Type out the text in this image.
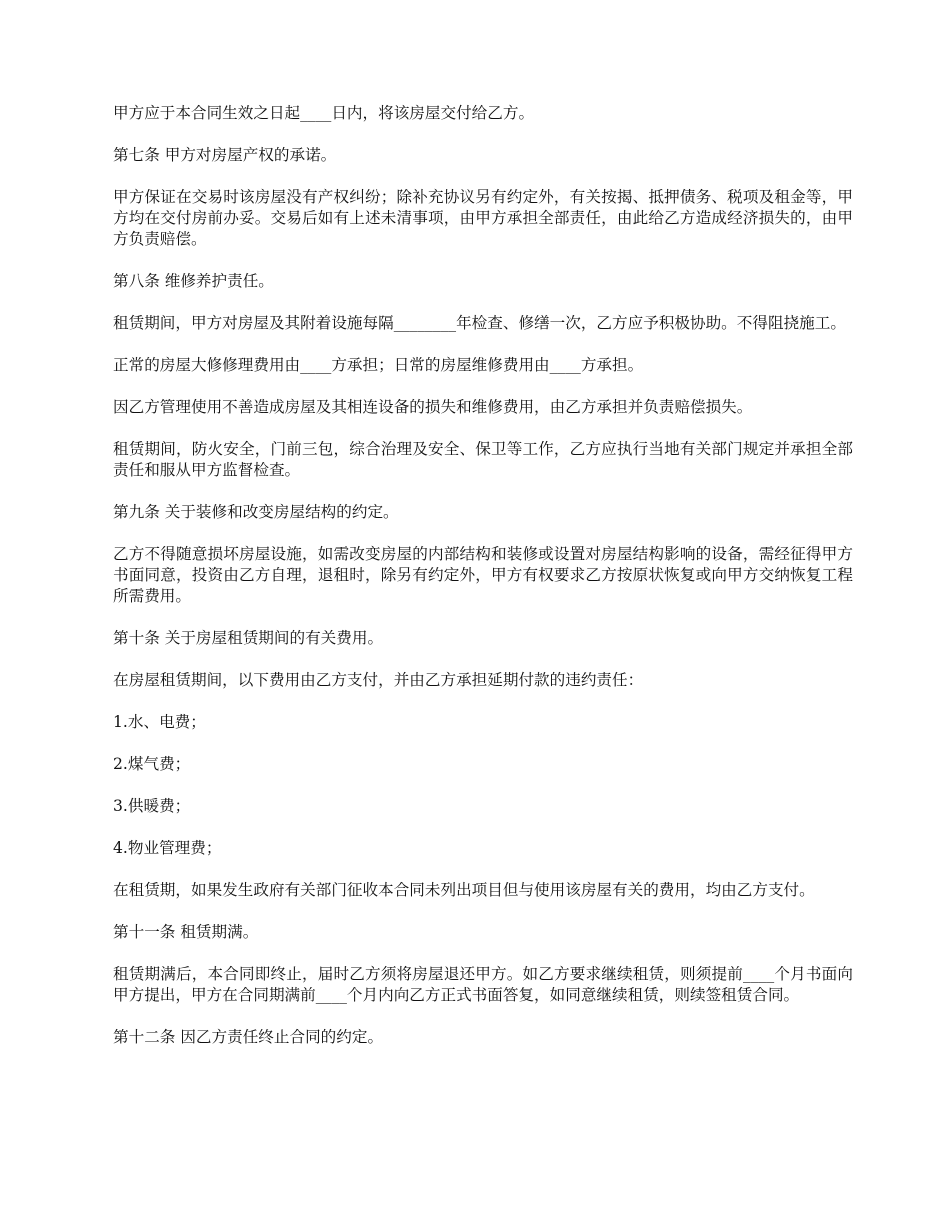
甲方应于本合同生效之日起____日内，将该房屋交付给乙方。

第七条 甲方对房屋产权的承诺。

甲方保证在交易时该房屋没有产权纠纷；除补充协议另有约定外，有关按揭、抵押债务、税项及租金等，甲方均在交付房前办妥。交易后如有上述未清事项，由甲方承担全部责任，由此给乙方造成经济损失的，由甲方负责赔偿。

第八条 维修养护责任。

租赁期间，甲方对房屋及其附着设施每隔________年检查、修缮一次，乙方应予积极协助。不得阻挠施工。

正常的房屋大修修理费用由____方承担；日常的房屋维修费用由____方承担。

因乙方管理使用不善造成房屋及其相连设备的损失和维修费用，由乙方承担并负责赔偿损失。

租赁期间，防火安全，门前三包，综合治理及安全、保卫等工作，乙方应执行当地有关部门规定并承担全部责任和服从甲方监督检查。

第九条 关于装修和改变房屋结构的约定。

乙方不得随意损坏房屋设施，如需改变房屋的内部结构和装修或设置对房屋结构影响的设备，需经征得甲方书面同意，投资由乙方自理，退租时，除另有约定外，甲方有权要求乙方按原状恢复或向甲方交纳恢复工程所需费用。

第十条 关于房屋租赁期间的有关费用。

在房屋租赁期间，以下费用由乙方支付，并由乙方承担延期付款的违约责任：

1.水、电费；

2.煤气费；

3.供暖费；

4.物业管理费；

在租赁期，如果发生政府有关部门征收本合同未列出项目但与使用该房屋有关的费用，均由乙方支付。

第十一条 租赁期满。

租赁期满后，本合同即终止，届时乙方须将房屋退还甲方。如乙方要求继续租赁，则须提前____个月书面向甲方提出，甲方在合同期满前____个月内向乙方正式书面答复，如同意继续租赁，则续签租赁合同。

第十二条 因乙方责任终止合同的约定。
